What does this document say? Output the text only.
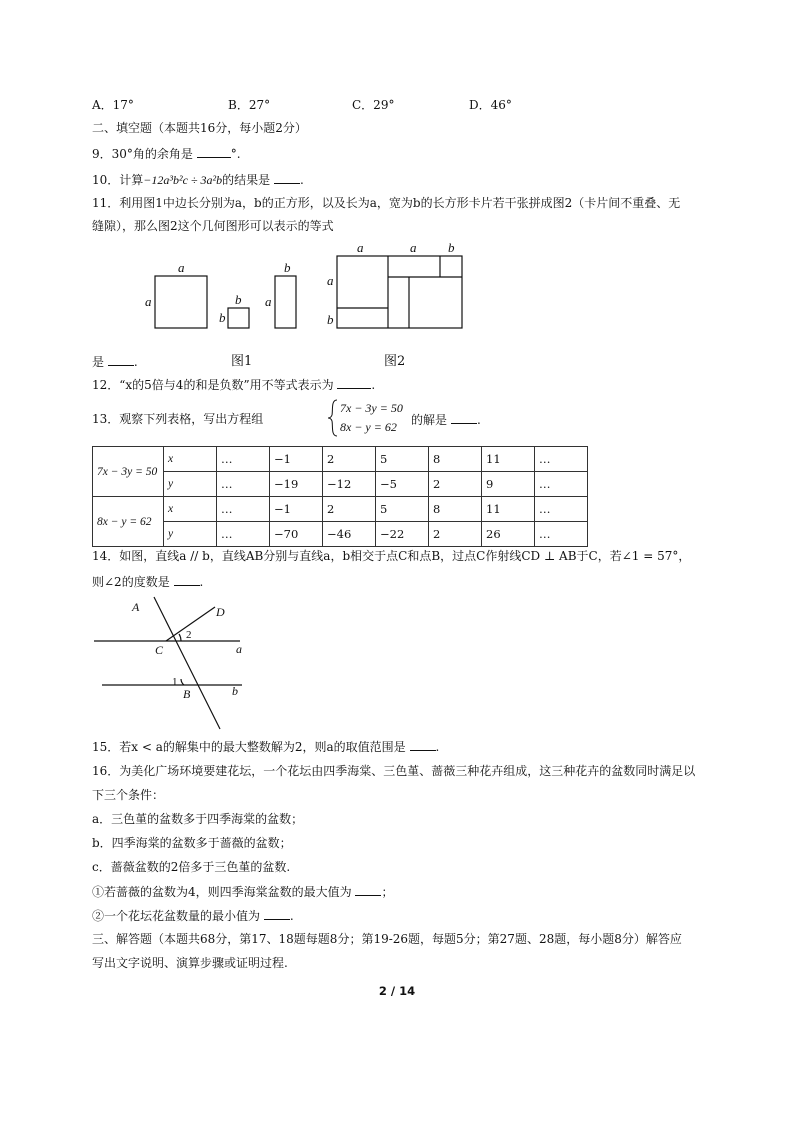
A．17°	B．27°	C．29°	D．46°
二、填空题（本题共16分，每小题2分）
9．30°角的余角是	°.
10．计算−12a³b²c ÷ 3a²b的结果是 .
11．利用图1中边长分别为a，b的正方形，以及长为a，宽为b的长方形卡片若干张拼成图2（卡片间不重叠、无
缝隙），那么图2这个几何图形可以表示的等式
a
a	b
b
b
a
a	a b
a
b
是 .	图1	图2
12．“x的5倍与4的和是负数”用不等式表示为	.
13．观察下列表格，写出方程组
7x − 3y = 50
8x − y = 62 的解是	.
7x − 3y = 50	x	…	−1	2	5	8	11	…
	y	…	−19	−12	−5	2	9	…
8x − y = 62	x	…	−1	2	5	8	11	…
	y	…	−70	−46	−22	2	26	…
14．如图，直线a // b，直线AB分别与直线a，b相交于点C和点B，过点C作射线CD ⊥ AB于C，若∠1 = 57°，
则∠2的度数是 .
A	D
C
B
a
b
1
2
15．若x < a的解集中的最大整数解为2，则a的取值范围是 .
16．为美化广场环境要建花坛，一个花坛由四季海棠、三色堇、蔷薇三种花卉组成，这三种花卉的盆数同时满足以
下三个条件：
a．三色堇的盆数多于四季海棠的盆数；
b．四季海棠的盆数多于蔷薇的盆数；
c．蔷薇盆数的2倍多于三色堇的盆数.
①若蔷薇的盆数为4，则四季海棠盆数的最大值为 ；
②一个花坛花盆数量的最小值为 .
三、解答题（本题共68分，第17、18题每题8分；第19-26题，每题5分；第27题、28题，每小题8分）解答应
写出文字说明、演算步骤或证明过程.
2 / 14
